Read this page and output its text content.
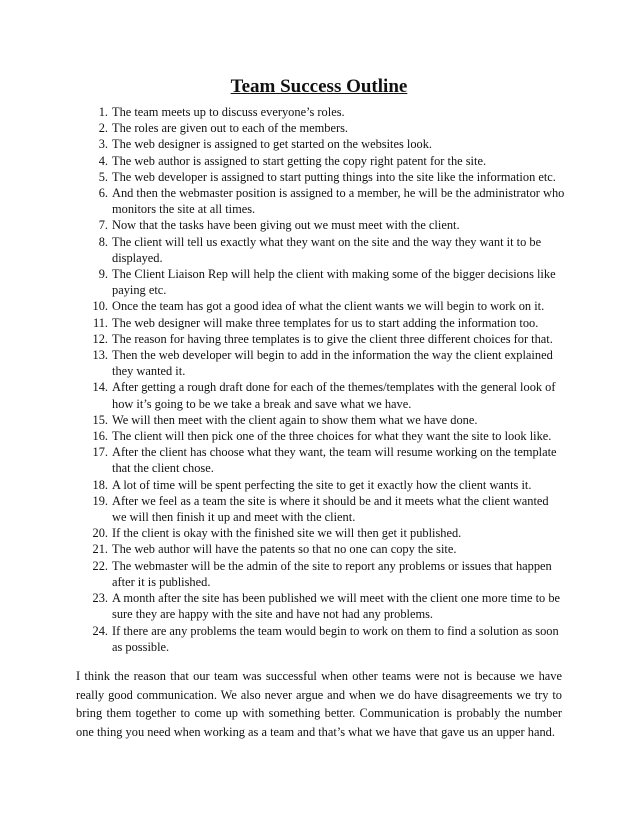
Team Success Outline
1. The team meets up to discuss everyone’s roles.
2. The roles are given out to each of the members.
3. The web designer is assigned to get started on the websites look.
4. The web author is assigned to start getting the copy right patent for the site.
5. The web developer is assigned to start putting things into the site like the information etc.
6. And then the webmaster position is assigned to a member, he will be the administrator who monitors the site at all times.
7. Now that the tasks have been giving out we must meet with the client.
8. The client will tell us exactly what they want on the site and the way they want it to be displayed.
9. The Client Liaison Rep will help the client with making some of the bigger decisions like paying etc.
10. Once the team has got a good idea of what the client wants we will begin to work on it.
11. The web designer will make three templates for us to start adding the information too.
12. The reason for having three templates is to give the client three different choices for that.
13. Then the web developer will begin to add in the information the way the client explained they wanted it.
14. After getting a rough draft done for each of the themes/templates with the general look of how it’s going to be we take a break and save what we have.
15. We will then meet with the client again to show them what we have done.
16. The client will then pick one of the three choices for what they want the site to look like.
17. After the client has choose what they want, the team will resume working on the template that the client chose.
18. A lot of time will be spent perfecting the site to get it exactly how the client wants it.
19. After we feel as a team the site is where it should be and it meets what the client wanted we will then finish it up and meet with the client.
20. If the client is okay with the finished site we will then get it published.
21. The web author will have the patents so that no one can copy the site.
22. The webmaster will be the admin of the site to report any problems or issues that happen after it is published.
23. A month after the site has been published we will meet with the client one more time to be sure they are happy with the site and have not had any problems.
24. If there are any problems the team would begin to work on them to find a solution as soon as possible.

I think the reason that our team was successful when other teams were not is because we have really good communication. We also never argue and when we do have disagreements we try to bring them together to come up with something better. Communication is probably the number one thing you need when working as a team and that’s what we have that gave us an upper hand.
